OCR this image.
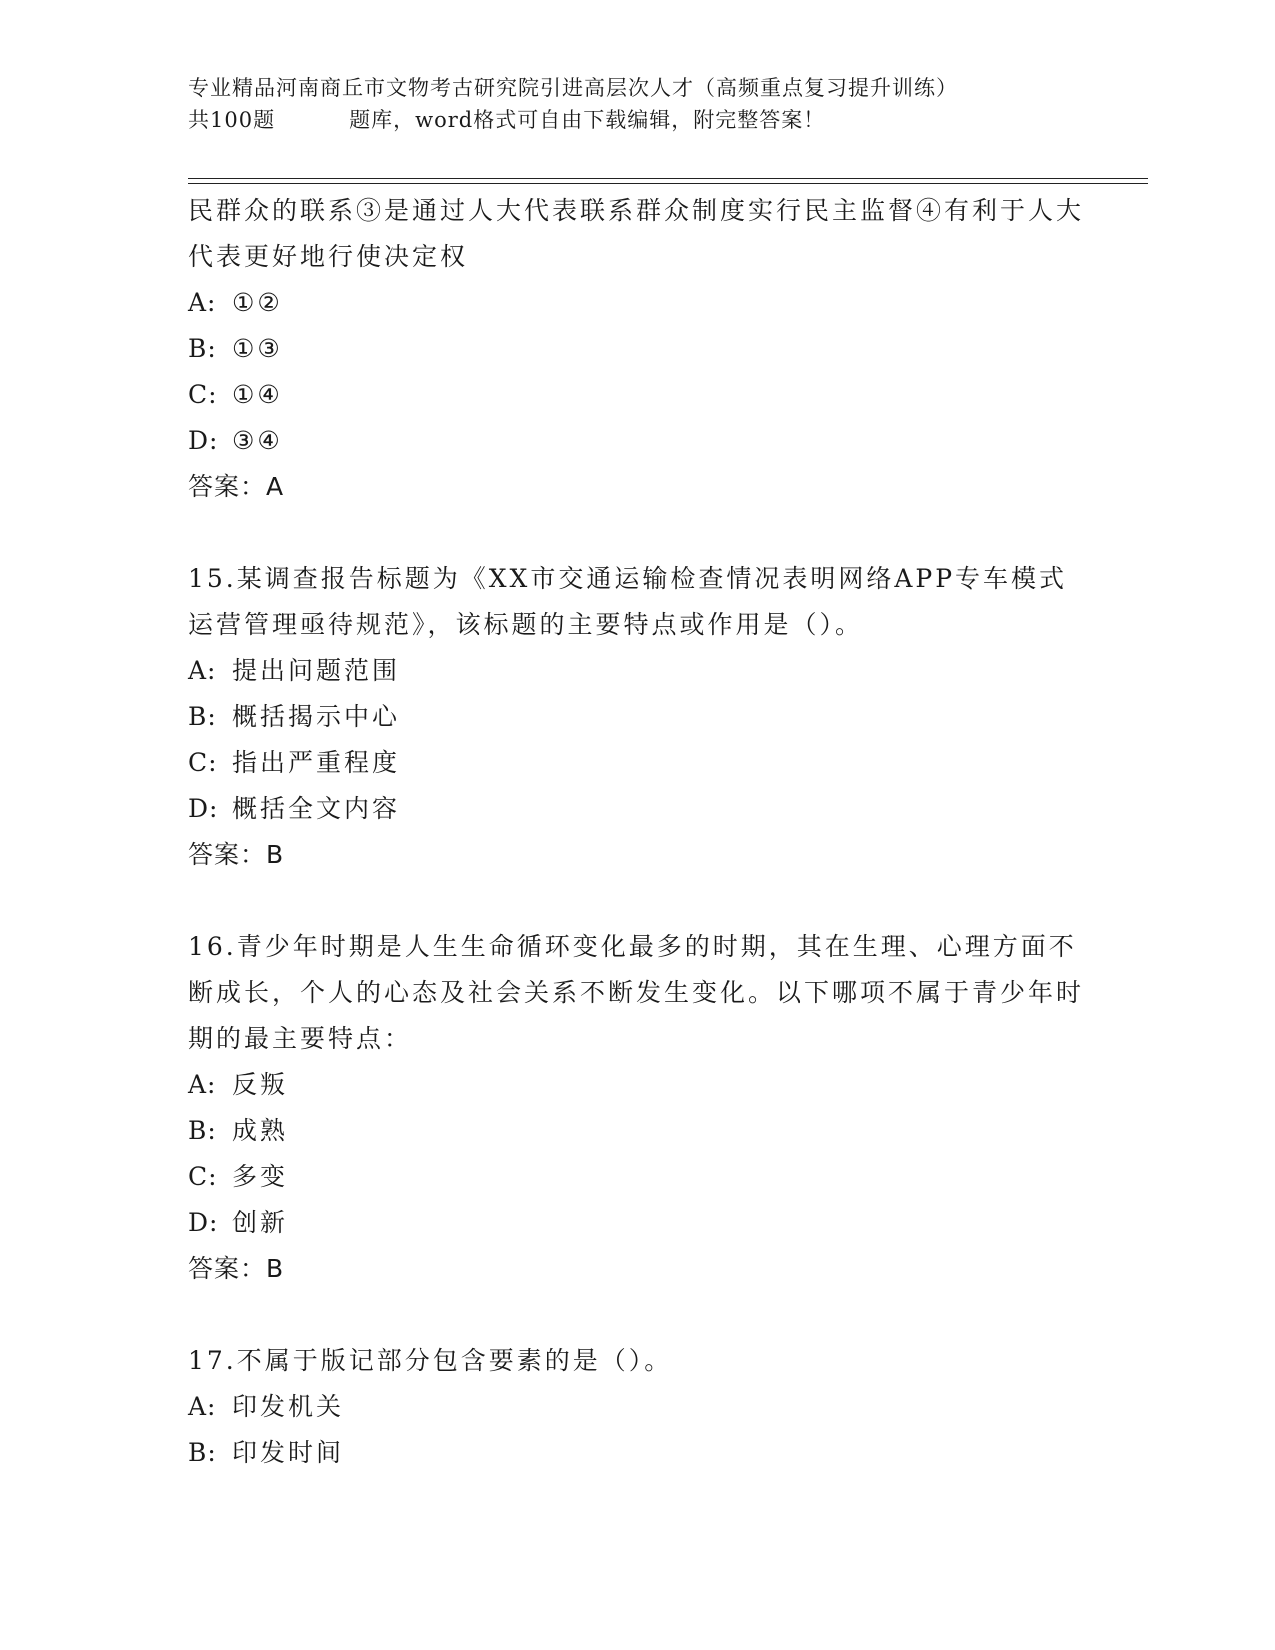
专业精品河南商丘市文物考古研究院引进高层次人才（高频重点复习提升训练）
共100题	题库，word格式可自由下载编辑，附完整答案！

民群众的联系③是通过人大代表联系群众制度实行民主监督④有利于人大代表更好地行使决定权

A: ①②
B: ①③
C: ①④
D: ③④

答案：A

15.某调查报告标题为《XX市交通运输检查情况表明网络APP专车模式运营管理亟待规范》，该标题的主要特点或作用是（）。

A: 提出问题范围
B: 概括揭示中心
C: 指出严重程度
D: 概括全文内容

答案：B

16.青少年时期是人生生命循环变化最多的时期，其在生理、心理方面不断成长，个人的心态及社会关系不断发生变化。以下哪项不属于青少年时期的最主要特点：

A: 反叛
B: 成熟
C: 多变
D: 创新

答案：B

17.不属于版记部分包含要素的是（）。

A: 印发机关
B: 印发时间
